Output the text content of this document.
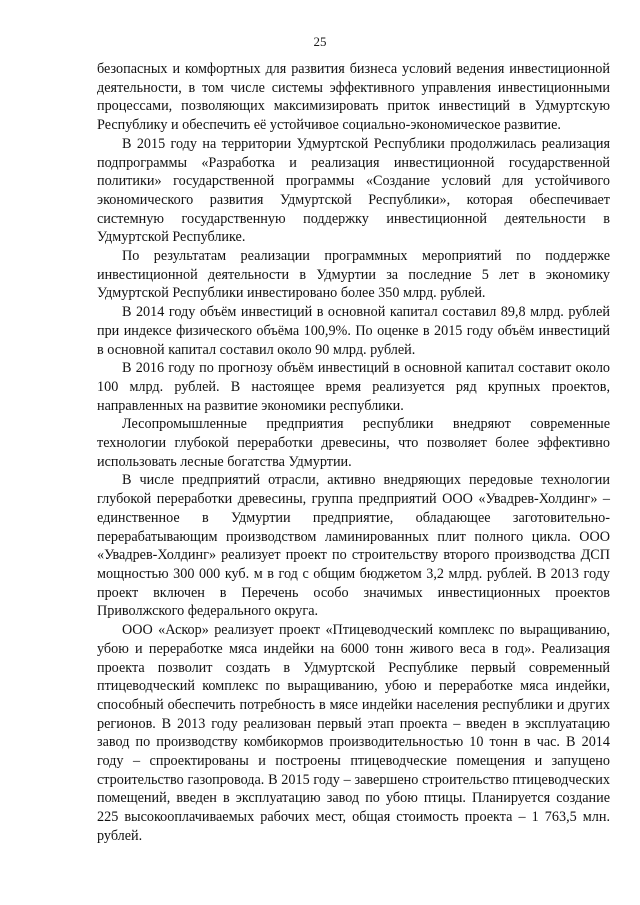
25

безопасных и комфортных для развития бизнеса условий ведения инвестиционной деятельности, в том числе системы эффективного управления инвестиционными процессами, позволяющих максимизировать приток инвестиций в Удмуртскую Республику и обеспечить её устойчивое социально-экономическое развитие.

В 2015 году на территории Удмуртской Республики продолжилась реализация подпрограммы «Разработка и реализация инвестиционной государственной политики» государственной программы «Создание условий для устойчивого экономического развития Удмуртской Республики», которая обеспечивает системную государственную поддержку инвестиционной деятельности в Удмуртской Республике.

По результатам реализации программных мероприятий по поддержке инвестиционной деятельности в Удмуртии за последние 5 лет в экономику Удмуртской Республики инвестировано более 350 млрд. рублей.

В 2014 году объём инвестиций в основной капитал составил 89,8 млрд. рублей при индексе физического объёма 100,9%. По оценке в 2015 году объём инвестиций в основной капитал составил около 90 млрд. рублей.

В 2016 году по прогнозу объём инвестиций в основной капитал составит около 100 млрд. рублей. В настоящее время реализуется ряд крупных проектов, направленных на развитие экономики республики.

Лесопромышленные предприятия республики внедряют современные технологии глубокой переработки древесины, что позволяет более эффективно использовать лесные богатства Удмуртии.

В числе предприятий отрасли, активно внедряющих передовые технологии глубокой переработки древесины, группа предприятий ООО «Увадрев-Холдинг» – единственное в Удмуртии предприятие, обладающее заготовительно-перерабатывающим производством ламинированных плит полного цикла. ООО «Увадрев-Холдинг» реализует проект по строительству второго производства ДСП мощностью 300 000 куб. м в год с общим бюджетом 3,2 млрд. рублей. В 2013 году проект включен в Перечень особо значимых инвестиционных проектов Приволжского федерального округа.

ООО «Аскор» реализует проект «Птицеводческий комплекс по выращиванию, убою и переработке мяса индейки на 6000 тонн живого веса в год». Реализация проекта позволит создать в Удмуртской Республике первый современный птицеводческий комплекс по выращиванию, убою и переработке мяса индейки, способный обеспечить потребность в мясе индейки населения республики и других регионов. В 2013 году реализован первый этап проекта – введен в эксплуатацию завод по производству комбикормов производительностью 10 тонн в час. В 2014 году – спроектированы и построены птицеводческие помещения и запущено строительство газопровода. В 2015 году – завершено строительство птицеводческих помещений, введен в эксплуатацию завод по убою птицы. Планируется создание 225 высокооплачиваемых рабочих мест, общая стоимость проекта – 1 763,5 млн. рублей.
